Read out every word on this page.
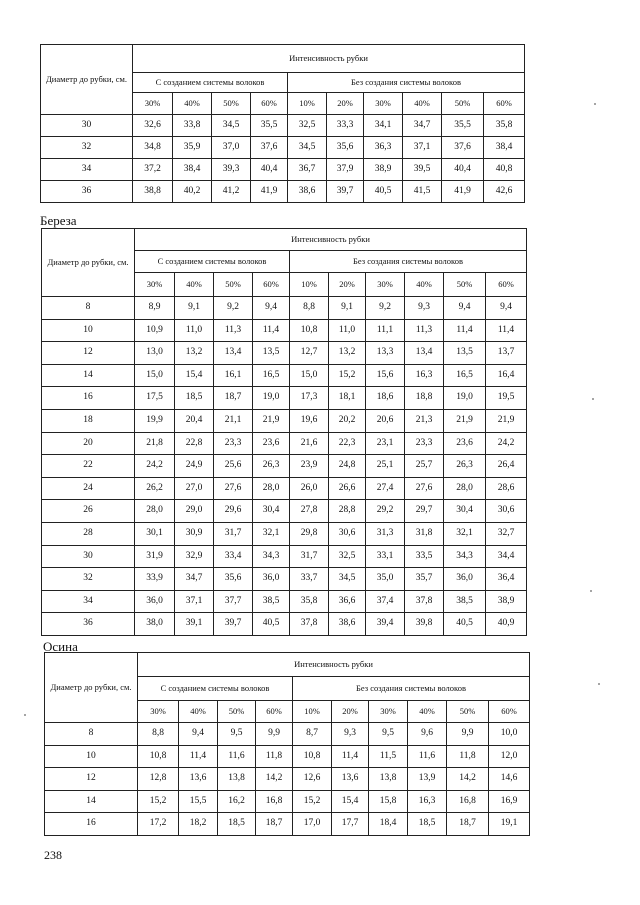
Диаметр до рубки, см.	Интенсивность рубки									
	С созданием системы волоков				Без создания системы волоков					
	30%	40%	50%	60%	10%	20%	30%	40%	50%	60%
30	32,6	33,8	34,5	35,5	32,5	33,3	34,1	34,7	35,5	35,8
32	34,8	35,9	37,0	37,6	34,5	35,6	36,3	37,1	37,6	38,4
34	37,2	38,4	39,3	40,4	36,7	37,9	38,9	39,5	40,4	40,8
36	38,8	40,2	41,2	41,9	38,6	39,7	40,5	41,5	41,9	42,6
Береза
Диаметр до рубки, см.	Интенсивность рубки									
	С созданием системы волоков				Без создания системы волоков					
	30%	40%	50%	60%	10%	20%	30%	40%	50%	60%
8	8,9	9,1	9,2	9,4	8,8	9,1	9,2	9,3	9,4	9,4
10	10,9	11,0	11,3	11,4	10,8	11,0	11,1	11,3	11,4	11,4
12	13,0	13,2	13,4	13,5	12,7	13,2	13,3	13,4	13,5	13,7
14	15,0	15,4	16,1	16,5	15,0	15,2	15,6	16,3	16,5	16,4
16	17,5	18,5	18,7	19,0	17,3	18,1	18,6	18,8	19,0	19,5
18	19,9	20,4	21,1	21,9	19,6	20,2	20,6	21,3	21,9	21,9
20	21,8	22,8	23,3	23,6	21,6	22,3	23,1	23,3	23,6	24,2
22	24,2	24,9	25,6	26,3	23,9	24,8	25,1	25,7	26,3	26,4
24	26,2	27,0	27,6	28,0	26,0	26,6	27,4	27,6	28,0	28,6
26	28,0	29,0	29,6	30,4	27,8	28,8	29,2	29,7	30,4	30,6
28	30,1	30,9	31,7	32,1	29,8	30,6	31,3	31,8	32,1	32,7
30	31,9	32,9	33,4	34,3	31,7	32,5	33,1	33,5	34,3	34,4
32	33,9	34,7	35,6	36,0	33,7	34,5	35,0	35,7	36,0	36,4
34	36,0	37,1	37,7	38,5	35,8	36,6	37,4	37,8	38,5	38,9
36	38,0	39,1	39,7	40,5	37,8	38,6	39,4	39,8	40,5	40,9
Осина
Диаметр до рубки, см.	Интенсивность рубки									
	С созданием системы волоков				Без создания системы волоков					
	30%	40%	50%	60%	10%	20%	30%	40%	50%	60%
8	8,8	9,4	9,5	9,9	8,7	9,3	9,5	9,6	9,9	10,0
10	10,8	11,4	11,6	11,8	10,8	11,4	11,5	11,6	11,8	12,0
12	12,8	13,6	13,8	14,2	12,6	13,6	13,8	13,9	14,2	14,6
14	15,2	15,5	16,2	16,8	15,2	15,4	15,8	16,3	16,8	16,9
16	17,2	18,2	18,5	18,7	17,0	17,7	18,4	18,5	18,7	19,1
238
